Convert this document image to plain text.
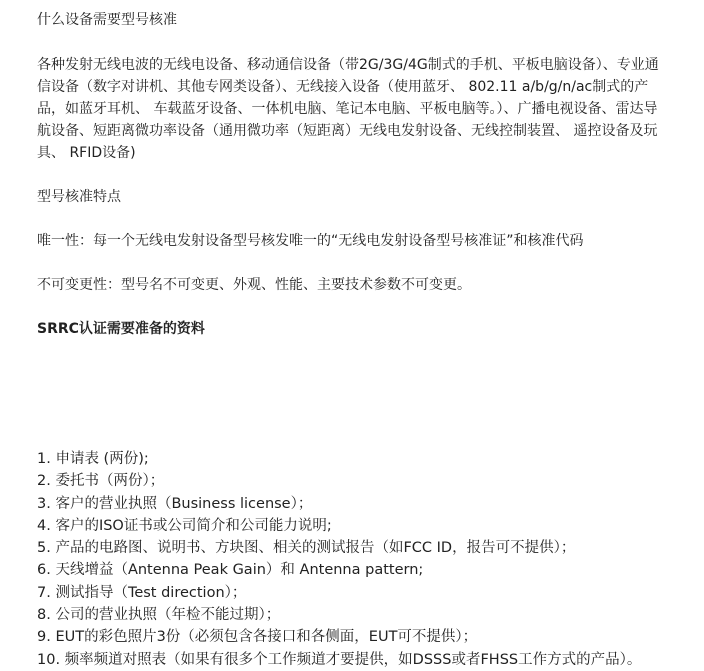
什么设备需要型号核准

各种发射无线电波的无线电设备、移动通信设备（带2G/3G/4G制式的手机、平板电脑设备）、专业通信设备（数字对讲机、其他专网类设备）、无线接入设备（使用蓝牙、 802.11 a/b/g/n/ac制式的产品，如蓝牙耳机、 车载蓝牙设备、一体机电脑、笔记本电脑、平板电脑等。）、广播电视设备、雷达导航设备、短距离微功率设备（通用微功率（短距离）无线电发射设备、无线控制装置、 遥控设备及玩具、 RFID设备)

型号核准特点

唯一性：每一个无线电发射设备型号核发唯一的“无线电发射设备型号核准证”和核准代码

不可变更性：型号名不可变更、外观、性能、主要技术参数不可变更。

SRRC认证需要准备的资料

1. 申请表 (两份);
2. 委托书（两份）；
3. 客户的营业执照（Business license）；
4. 客户的ISO证书或公司简介和公司能力说明;
5. 产品的电路图、说明书、方块图、相关的测试报告（如FCC ID，报告可不提供）；
6. 天线增益（Antenna Peak Gain）和 Antenna pattern;
7. 测试指导（Test direction）；
8. 公司的营业执照（年检不能过期）；
9. EUT的彩色照片3份（必须包含各接口和各侧面，EUT可不提供）；
10. 频率频道对照表（如果有很多个工作频道才要提供，如DSSS或者FHSS工作方式的产品）。
